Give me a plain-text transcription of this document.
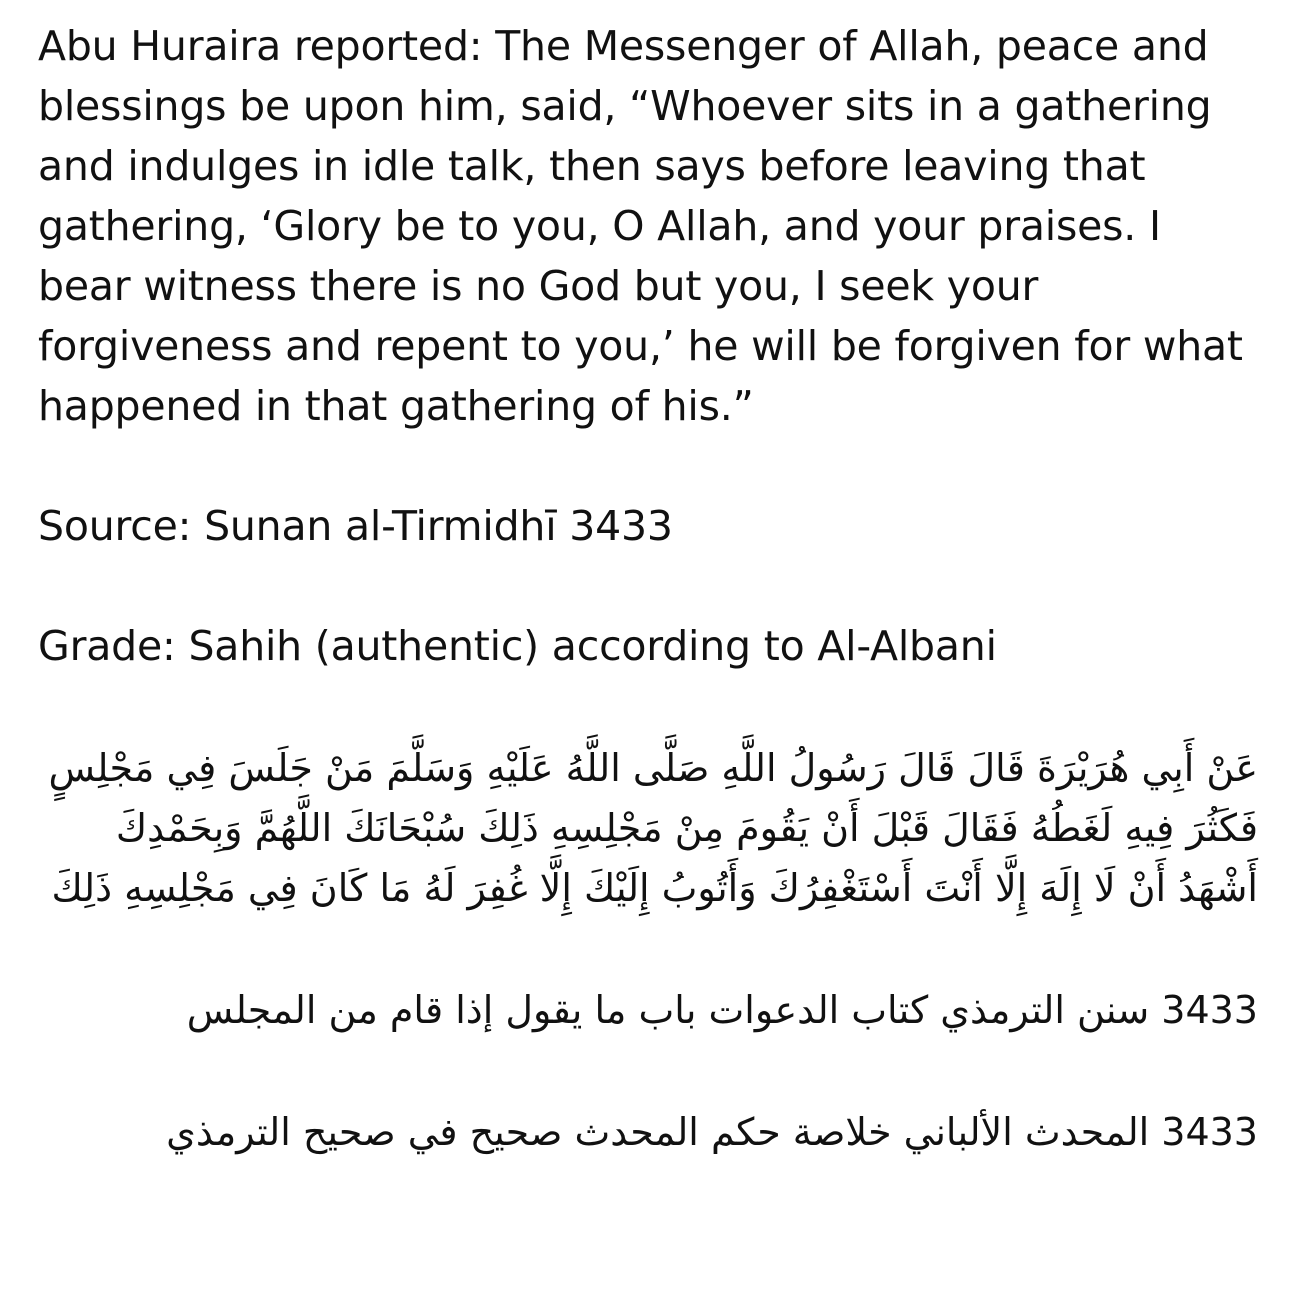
Abu Huraira reported: The Messenger of Allah, peace and blessings be upon him, said, “Whoever sits in a gathering and indulges in idle talk, then says before leaving that gathering, ‘Glory be to you, O Allah, and your praises. I bear witness there is no God but you, I seek your forgiveness and repent to you,’ he will be forgiven for what happened in that gathering of his.”

Source: Sunan al-Tirmidhī 3433

Grade: Sahih (authentic) according to Al-Albani

عَنْ أَبِي هُرَيْرَةَ قَالَ قَالَ رَسُولُ اللَّهِ صَلَّى اللَّهُ عَلَيْهِ وَسَلَّمَ مَنْ جَلَسَ فِي مَجْلِسٍ فَكَثُرَ فِيهِ لَغَطُهُ فَقَالَ قَبْلَ أَنْ يَقُومَ مِنْ مَجْلِسِهِ ذَلِكَ سُبْحَانَكَ اللَّهُمَّ وَبِحَمْدِكَ أَشْهَدُ أَنْ لَا إِلَهَ إِلَّا أَنْتَ أَسْتَغْفِرُكَ وَأَتُوبُ إِلَيْكَ إِلَّا غُفِرَ لَهُ مَا كَانَ فِي مَجْلِسِهِ ذَلِكَ

3433 سنن الترمذي كتاب الدعوات باب ما يقول إذا قام من المجلس

3433 المحدث الألباني خلاصة حكم المحدث صحيح في صحيح الترمذي
